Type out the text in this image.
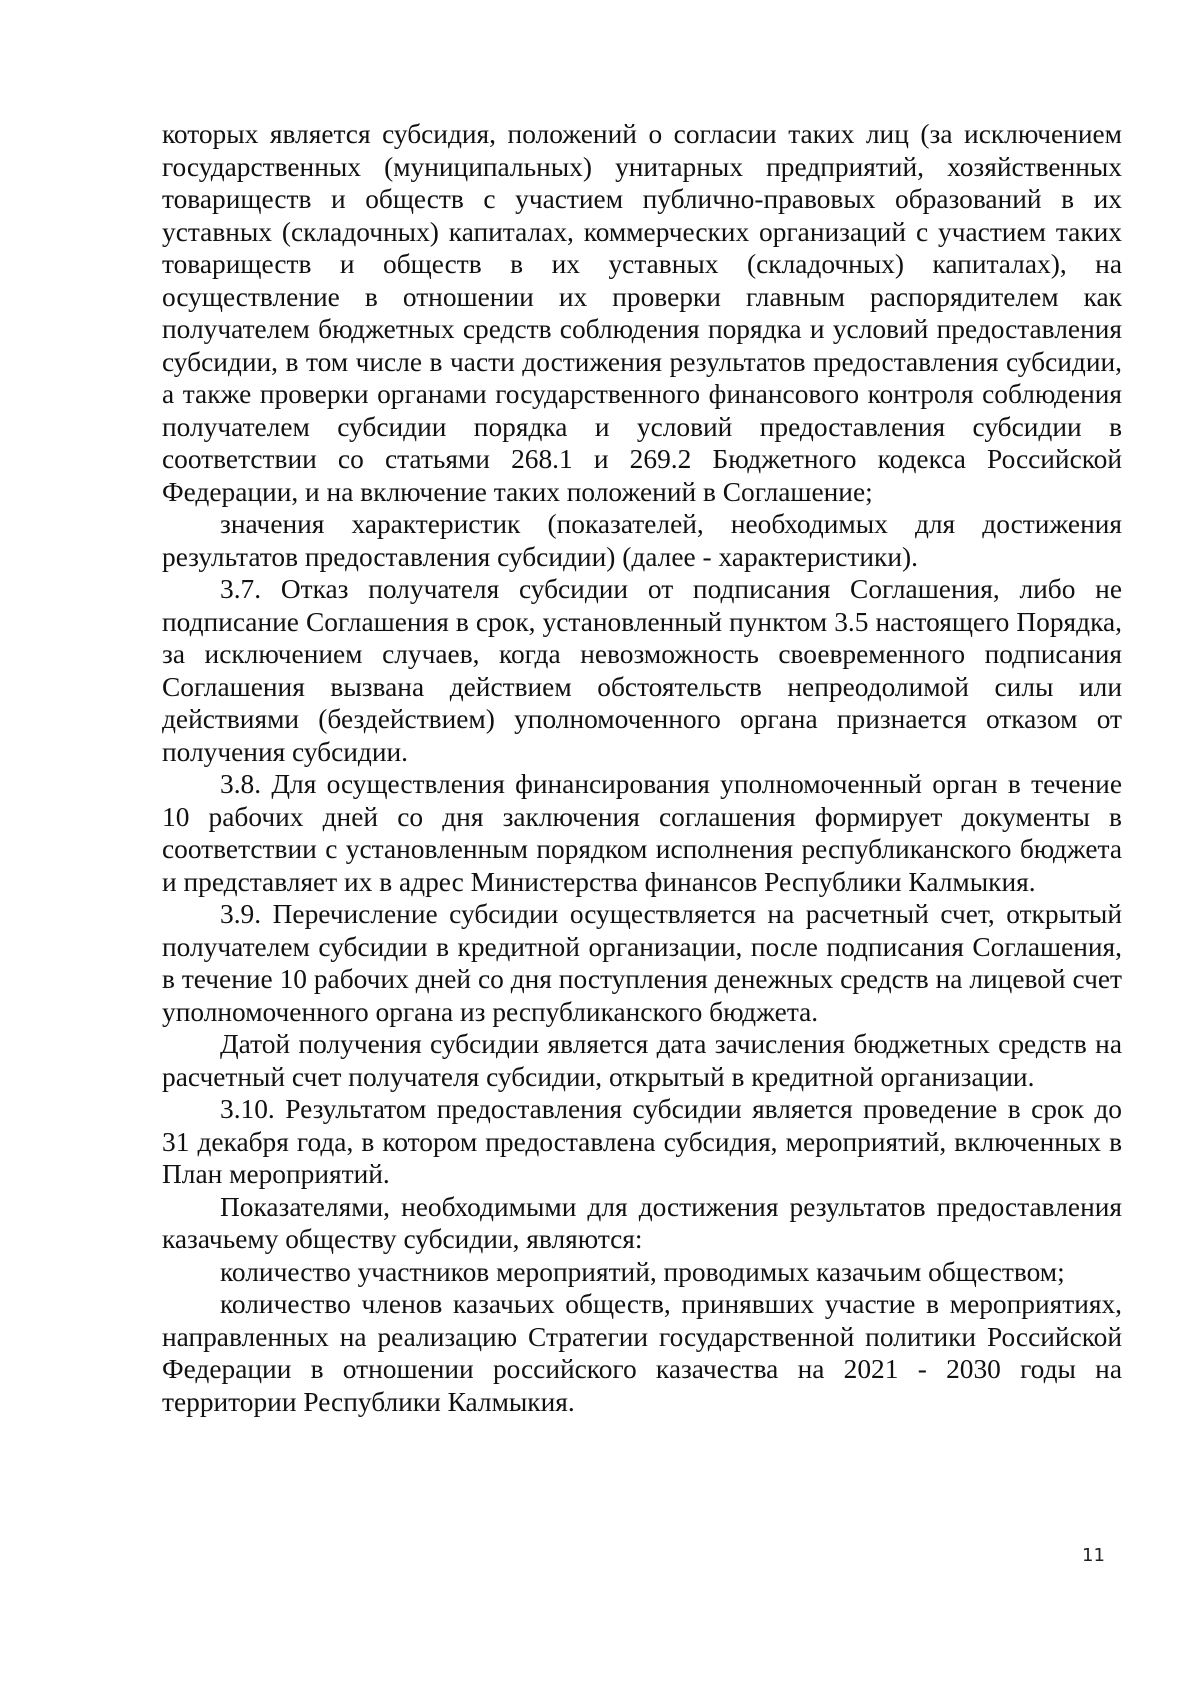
которых является субсидия, положений о согласии таких лиц (за исключением государственных (муниципальных) унитарных предприятий, хозяйственных товариществ и обществ с участием публично-правовых образований в их уставных (складочных) капиталах, коммерческих организаций с участием таких товариществ и обществ в их уставных (складочных) капиталах), на осуществление в отношении их проверки главным распорядителем как получателем бюджетных средств соблюдения порядка и условий предоставления субсидии, в том числе в части достижения результатов предоставления субсидии, а также проверки органами государственного финансового контроля соблюдения получателем субсидии порядка и условий предоставления субсидии в соответствии со статьями 268.1 и 269.2 Бюджетного кодекса Российской Федерации, и на включение таких положений в Соглашение;

значения характеристик (показателей, необходимых для достижения результатов предоставления субсидии) (далее - характеристики).

3.7. Отказ получателя субсидии от подписания Соглашения, либо не подписание Соглашения в срок, установленный пунктом 3.5 настоящего Порядка, за исключением случаев, когда невозможность своевременного подписания Соглашения вызвана действием обстоятельств непреодолимой силы или действиями (бездействием) уполномоченного органа признается отказом от получения субсидии.

3.8. Для осуществления финансирования уполномоченный орган в течение 10 рабочих дней со дня заключения соглашения формирует документы в соответствии с установленным порядком исполнения республиканского бюджета и представляет их в адрес Министерства финансов Республики Калмыкия.

3.9. Перечисление субсидии осуществляется на расчетный счет, открытый получателем субсидии в кредитной организации, после подписания Соглашения, в течение 10 рабочих дней со дня поступления денежных средств на лицевой счет уполномоченного органа из республиканского бюджета.

Датой получения субсидии является дата зачисления бюджетных средств на расчетный счет получателя субсидии, открытый в кредитной организации.

3.10. Результатом предоставления субсидии является проведение в срок до 31 декабря года, в котором предоставлена субсидия, мероприятий, включенных в План мероприятий.

Показателями, необходимыми для достижения результатов предоставления казачьему обществу субсидии, являются:

количество участников мероприятий, проводимых казачьим обществом;

количество членов казачьих обществ, принявших участие в мероприятиях, направленных на реализацию Стратегии государственной политики Российской Федерации в отношении российского казачества на 2021 - 2030 годы на территории Республики Калмыкия.

11
